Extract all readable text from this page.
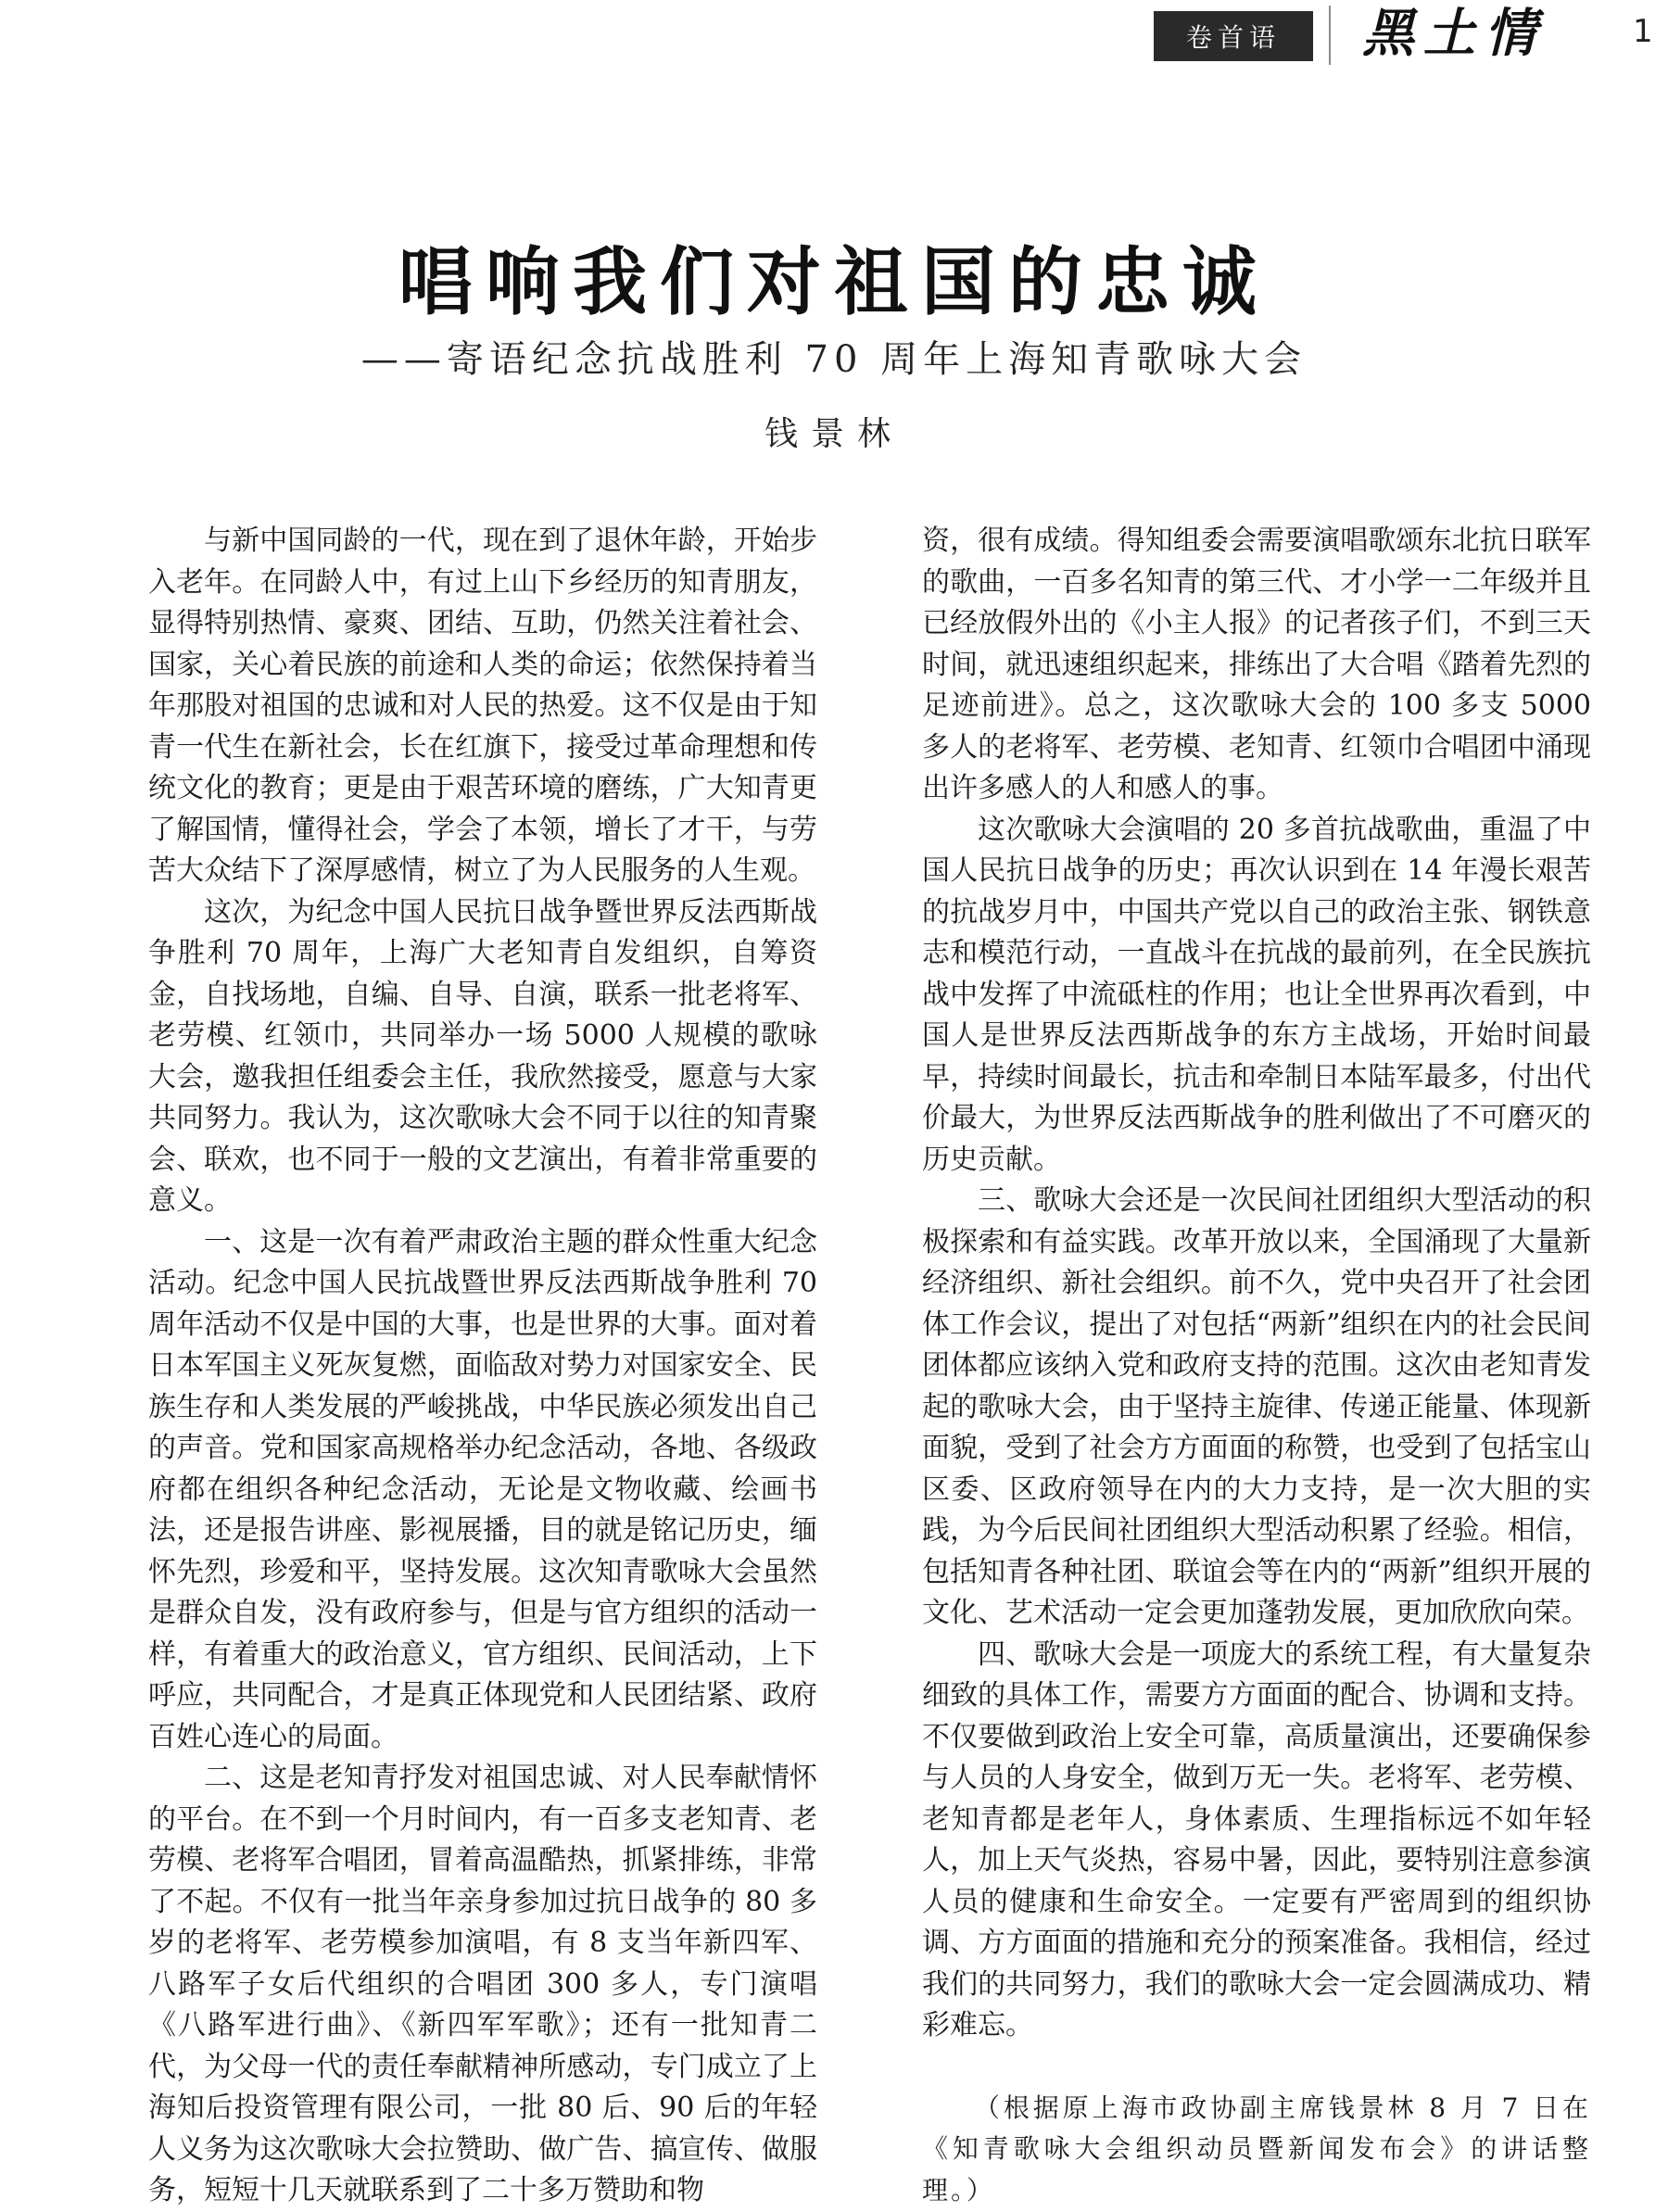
卷首语	黑土情	1
唱响我们对祖国的忠诚
——寄语纪念抗战胜利 70 周年上海知青歌咏大会
钱景林

与新中国同龄的一代，现在到了退休年龄，开始步入老年。在同龄人中，有过上山下乡经历的知青朋友，显得特别热情、豪爽、团结、互助，仍然关注着社会、国家，关心着民族的前途和人类的命运；依然保持着当年那股对祖国的忠诚和对人民的热爱。这不仅是由于知青一代生在新社会，长在红旗下，接受过革命理想和传统文化的教育；更是由于艰苦环境的磨练，广大知青更了解国情，懂得社会，学会了本领，增长了才干，与劳苦大众结下了深厚感情，树立了为人民服务的人生观。

这次，为纪念中国人民抗日战争暨世界反法西斯战争胜利 70 周年，上海广大老知青自发组织，自筹资金，自找场地，自编、自导、自演，联系一批老将军、老劳模、红领巾，共同举办一场 5000 人规模的歌咏大会，邀我担任组委会主任，我欣然接受，愿意与大家共同努力。我认为，这次歌咏大会不同于以往的知青聚会、联欢，也不同于一般的文艺演出，有着非常重要的意义。

一、这是一次有着严肃政治主题的群众性重大纪念活动。纪念中国人民抗战暨世界反法西斯战争胜利 70 周年活动不仅是中国的大事，也是世界的大事。面对着日本军国主义死灰复燃，面临敌对势力对国家安全、民族生存和人类发展的严峻挑战，中华民族必须发出自己的声音。党和国家高规格举办纪念活动，各地、各级政府都在组织各种纪念活动，无论是文物收藏、绘画书法，还是报告讲座、影视展播，目的就是铭记历史，缅怀先烈，珍爱和平，坚持发展。这次知青歌咏大会虽然是群众自发，没有政府参与，但是与官方组织的活动一样，有着重大的政治意义，官方组织、民间活动，上下呼应，共同配合，才是真正体现党和人民团结紧、政府百姓心连心的局面。

二、这是老知青抒发对祖国忠诚、对人民奉献情怀的平台。在不到一个月时间内，有一百多支老知青、老劳模、老将军合唱团，冒着高温酷热，抓紧排练，非常了不起。不仅有一批当年亲身参加过抗日战争的 80 多岁的老将军、老劳模参加演唱，有 8 支当年新四军、八路军子女后代组织的合唱团 300 多人，专门演唱《八路军进行曲》、《新四军军歌》；还有一批知青二代，为父母一代的责任奉献精神所感动，专门成立了上海知后投资管理有限公司，一批 80 后、90 后的年轻人义务为这次歌咏大会拉赞助、做广告、搞宣传、做服务，短短十几天就联系到了二十多万赞助和物

资，很有成绩。得知组委会需要演唱歌颂东北抗日联军的歌曲，一百多名知青的第三代、才小学一二年级并且已经放假外出的《小主人报》的记者孩子们，不到三天时间，就迅速组织起来，排练出了大合唱《踏着先烈的足迹前进》。总之，这次歌咏大会的 100 多支 5000 多人的老将军、老劳模、老知青、红领巾合唱团中涌现出许多感人的人和感人的事。

这次歌咏大会演唱的 20 多首抗战歌曲，重温了中国人民抗日战争的历史；再次认识到在 14 年漫长艰苦的抗战岁月中，中国共产党以自己的政治主张、钢铁意志和模范行动，一直战斗在抗战的最前列，在全民族抗战中发挥了中流砥柱的作用；也让全世界再次看到，中国人是世界反法西斯战争的东方主战场，开始时间最早，持续时间最长，抗击和牵制日本陆军最多，付出代价最大，为世界反法西斯战争的胜利做出了不可磨灭的历史贡献。

三、歌咏大会还是一次民间社团组织大型活动的积极探索和有益实践。改革开放以来，全国涌现了大量新经济组织、新社会组织。前不久，党中央召开了社会团体工作会议，提出了对包括“两新”组织在内的社会民间团体都应该纳入党和政府支持的范围。这次由老知青发起的歌咏大会，由于坚持主旋律、传递正能量、体现新面貌，受到了社会方方面面的称赞，也受到了包括宝山区委、区政府领导在内的大力支持，是一次大胆的实践，为今后民间社团组织大型活动积累了经验。相信，包括知青各种社团、联谊会等在内的“两新”组织开展的文化、艺术活动一定会更加蓬勃发展，更加欣欣向荣。

四、歌咏大会是一项庞大的系统工程，有大量复杂细致的具体工作，需要方方面面的配合、协调和支持。不仅要做到政治上安全可靠，高质量演出，还要确保参与人员的人身安全，做到万无一失。老将军、老劳模、老知青都是老年人，身体素质、生理指标远不如年轻人，加上天气炎热，容易中暑，因此，要特别注意参演人员的健康和生命安全。一定要有严密周到的组织协调、方方面面的措施和充分的预案准备。我相信，经过我们的共同努力，我们的歌咏大会一定会圆满成功、精彩难忘。

（根据原上海市政协副主席钱景林 8 月 7 日在《知青歌咏大会组织动员暨新闻发布会》的讲话整理。）
